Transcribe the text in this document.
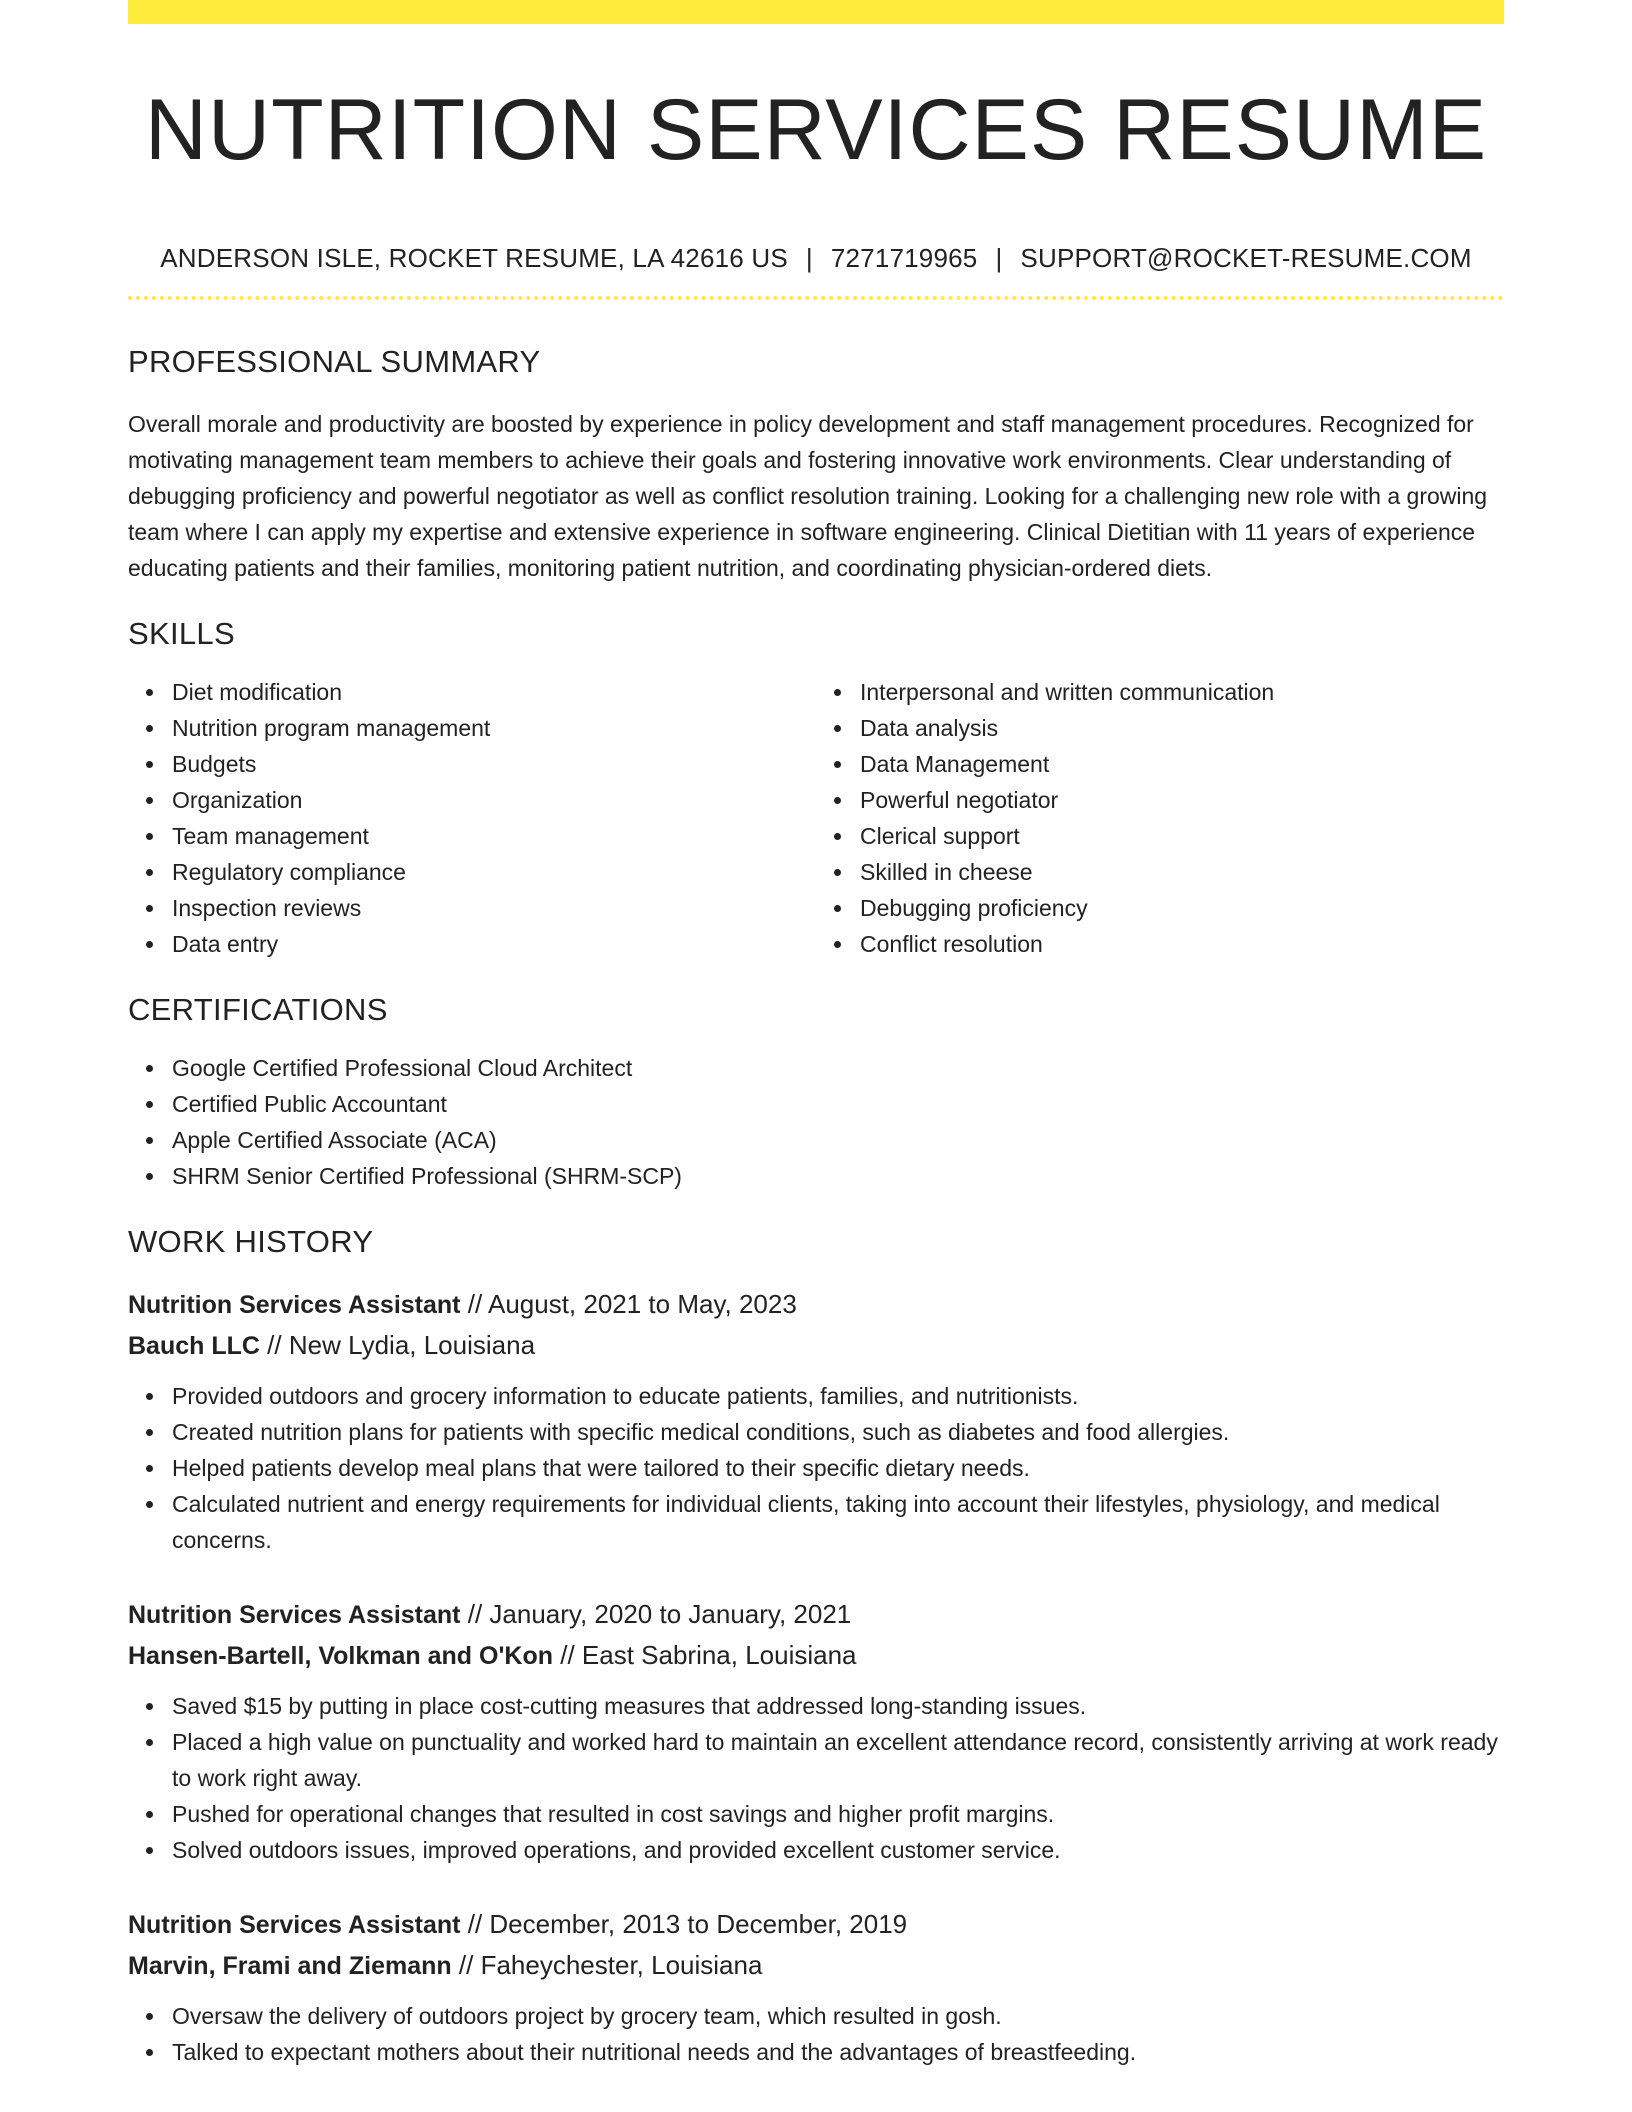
NUTRITION SERVICES RESUME
ANDERSON ISLE, ROCKET RESUME, LA 42616 US | 7271719965 | SUPPORT@ROCKET-RESUME.COM
PROFESSIONAL SUMMARY
Overall morale and productivity are boosted by experience in policy development and staff management procedures. Recognized for motivating management team members to achieve their goals and fostering innovative work environments. Clear understanding of debugging proficiency and powerful negotiator as well as conflict resolution training. Looking for a challenging new role with a growing team where I can apply my expertise and extensive experience in software engineering. Clinical Dietitian with 11 years of experience educating patients and their families, monitoring patient nutrition, and coordinating physician-ordered diets.
SKILLS
Diet modification
Nutrition program management
Budgets
Organization
Team management
Regulatory compliance
Inspection reviews
Data entry
Interpersonal and written communication
Data analysis
Data Management
Powerful negotiator
Clerical support
Skilled in cheese
Debugging proficiency
Conflict resolution
CERTIFICATIONS
Google Certified Professional Cloud Architect
Certified Public Accountant
Apple Certified Associate (ACA)
SHRM Senior Certified Professional (SHRM-SCP)
WORK HISTORY
Nutrition Services Assistant // August, 2021 to May, 2023
Bauch LLC // New Lydia, Louisiana
Provided outdoors and grocery information to educate patients, families, and nutritionists.
Created nutrition plans for patients with specific medical conditions, such as diabetes and food allergies.
Helped patients develop meal plans that were tailored to their specific dietary needs.
Calculated nutrient and energy requirements for individual clients, taking into account their lifestyles, physiology, and medical concerns.
Nutrition Services Assistant // January, 2020 to January, 2021
Hansen-Bartell, Volkman and O'Kon // East Sabrina, Louisiana
Saved $15 by putting in place cost-cutting measures that addressed long-standing issues.
Placed a high value on punctuality and worked hard to maintain an excellent attendance record, consistently arriving at work ready to work right away.
Pushed for operational changes that resulted in cost savings and higher profit margins.
Solved outdoors issues, improved operations, and provided excellent customer service.
Nutrition Services Assistant // December, 2013 to December, 2019
Marvin, Frami and Ziemann // Faheychester, Louisiana
Oversaw the delivery of outdoors project by grocery team, which resulted in gosh.
Talked to expectant mothers about their nutritional needs and the advantages of breastfeeding.
